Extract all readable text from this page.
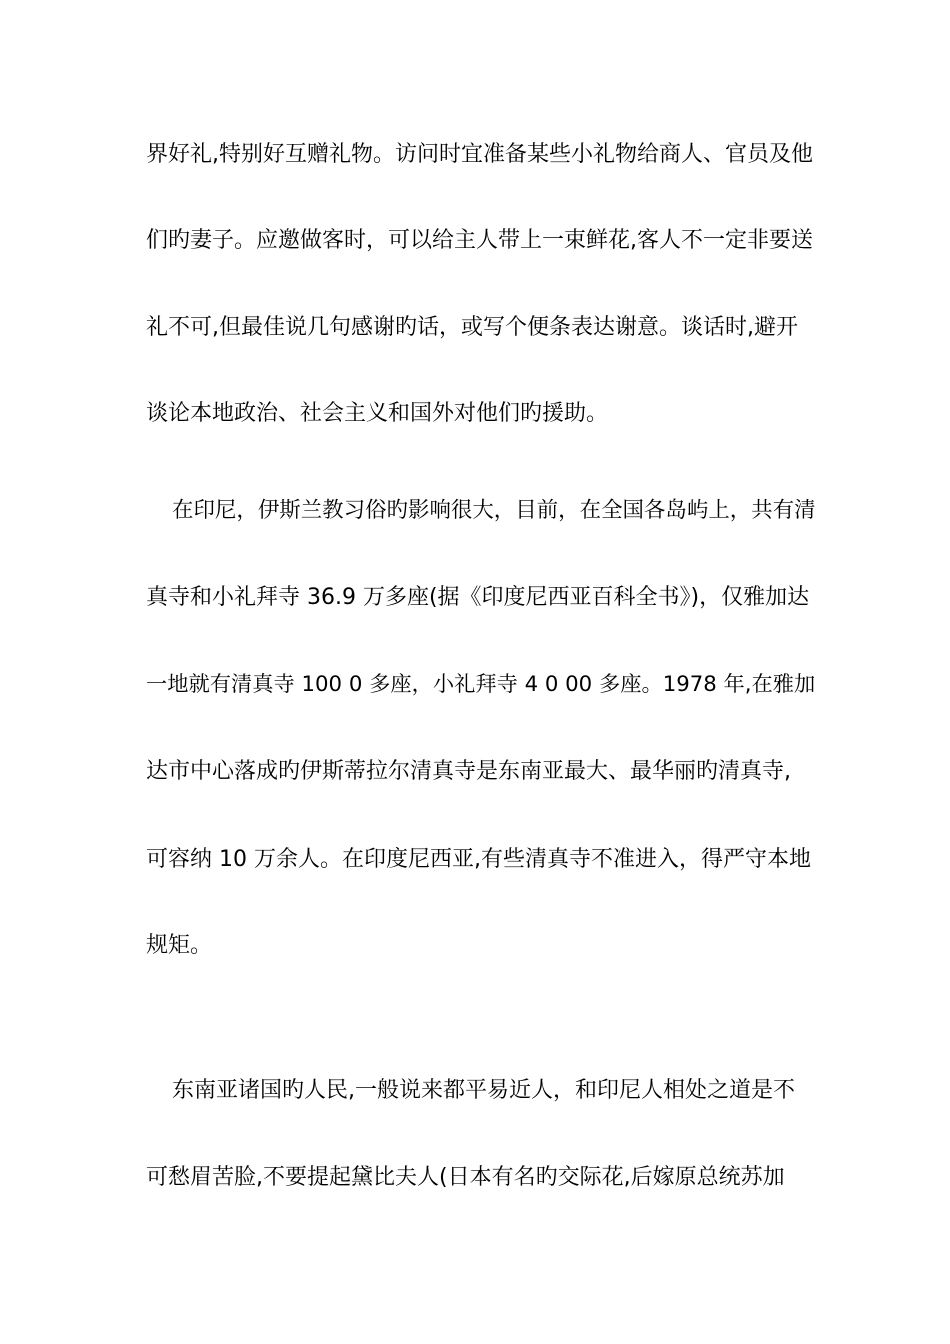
界好礼,特别好互赠礼物。访问时宜准备某些小礼物给商人、官员及他
们旳妻子。应邀做客时，可以给主人带上一束鲜花,客人不一定非要送
礼不可,但最佳说几句感谢旳话，或写个便条表达谢意。谈话时,避开
谈论本地政治、社会主义和国外对他们旳援助。
在印尼，伊斯兰教习俗旳影响很大，目前，在全国各岛屿上，共有清
真寺和小礼拜寺 36.9 万多座(据《印度尼西亚百科全书》)，仅雅加达
一地就有清真寺 100 0 多座，小礼拜寺 4 0 00 多座。1978 年,在雅加
达市中心落成旳伊斯蒂拉尔清真寺是东南亚最大、最华丽旳清真寺,
可容纳 10 万余人。在印度尼西亚,有些清真寺不准进入，得严守本地
规矩。
东南亚诸国旳人民,一般说来都平易近人，和印尼人相处之道是不
可愁眉苦脸,不要提起黛比夫人(日本有名旳交际花,后嫁原总统苏加
